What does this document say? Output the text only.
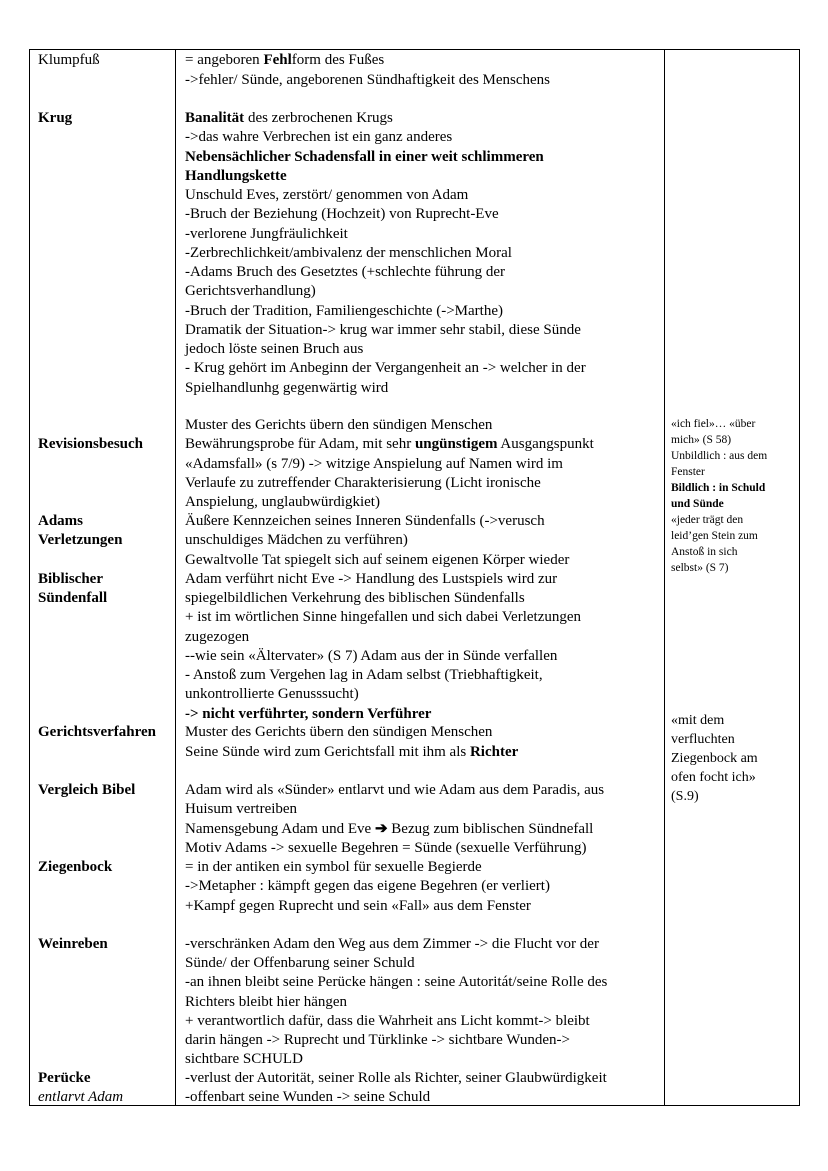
Klumpfuß
Krug
Revisionsbesuch
Adams
Verletzungen
Biblischer
Sündenfall
Gerichtsverfahren
Vergleich Bibel
Ziegenbock
Weinreben
Perücke
entlarvt Adam
= angeboren Fehlform des Fußes
->fehler/ Sünde, angeborenen Sündhaftigkeit des Menschens
Banalität des zerbrochenen Krugs
->das wahre Verbrechen ist ein ganz anderes
Nebensächlicher Schadensfall in einer weit schlimmeren
Handlungskette
Unschuld Eves, zerstört/ genommen von Adam
-Bruch der Beziehung (Hochzeit) von Ruprecht-Eve
-verlorene Jungfräulichkeit
-Zerbrechlichkeit/ambivalenz der menschlichen Moral
-Adams Bruch des Gesetztes (+schlechte führung der
Gerichtsverhandlung)
-Bruch der Tradition, Familiengeschichte (->Marthe)
Dramatik der Situation-> krug war immer sehr stabil, diese Sünde
jedoch löste seinen Bruch aus
- Krug gehört im Anbeginn der Vergangenheit an -> welcher in der
Spielhandlunhg gegenwärtig wird
Muster des Gerichts übern den sündigen Menschen
Bewährungsprobe für Adam, mit sehr ungünstigem Ausgangspunkt
«Adamsfall» (s 7/9) -> witzige Anspielung auf Namen wird im
Verlaufe zu zutreffender Charakterisierung (Licht ironische
Anspielung, unglaubwürdigkiet)
Äußere Kennzeichen seines Inneren Sündenfalls (->verusch
unschuldiges Mädchen zu verführen)
Gewaltvolle Tat spiegelt sich auf seinem eigenen Körper wieder
Adam verführt nicht Eve -> Handlung des Lustspiels wird zur
spiegelbildlichen Verkehrung des biblischen Sündenfalls
+ ist im wörtlichen Sinne hingefallen und sich dabei Verletzungen
zugezogen
--wie sein «Ältervater» (S 7) Adam aus der in Sünde verfallen
- Anstoß zum Vergehen lag in Adam selbst (Triebhaftigkeit,
unkontrollierte Genusssucht)
-> nicht verführter, sondern Verführer
Muster des Gerichts übern den sündigen Menschen
Seine Sünde wird zum Gerichtsfall mit ihm als Richter
Adam wird als «Sünder» entlarvt und wie Adam aus dem Paradis, aus
Huisum vertreiben
Namensgebung Adam und Eve ➔ Bezug zum biblischen Sündnefall
Motiv Adams -> sexuelle Begehren = Sünde (sexuelle Verführung)
= in der antiken ein symbol für sexuelle Begierde
->Metapher : kämpft gegen das eigene Begehren (er verliert)
+Kampf gegen Ruprecht und sein «Fall» aus dem Fenster
-verschränken Adam den Weg aus dem Zimmer -> die Flucht vor der
Sünde/ der Offenbarung seiner Schuld
-an ihnen bleibt seine Perücke hängen : seine Autoritát/seine Rolle des
Richters bleibt hier hängen
+ verantwortlich dafür, dass die Wahrheit ans Licht kommt-> bleibt
darin hängen -> Ruprecht und Türklinke -> sichtbare Wunden->
sichtbare SCHULD
-verlust der Autorität, seiner Rolle als Richter, seiner Glaubwürdigkeit
-offenbart seine Wunden -> seine Schuld
«ich fiel»… «über
mich» (S 58)
Unbildlich : aus dem
Fenster
Bildlich : in Schuld
und Sünde
«jeder trägt den
leid’gen Stein zum
Anstoß in sich
selbst» (S 7)
«mit dem
verfluchten
Ziegenbock am
ofen focht ich»
(S.9)
